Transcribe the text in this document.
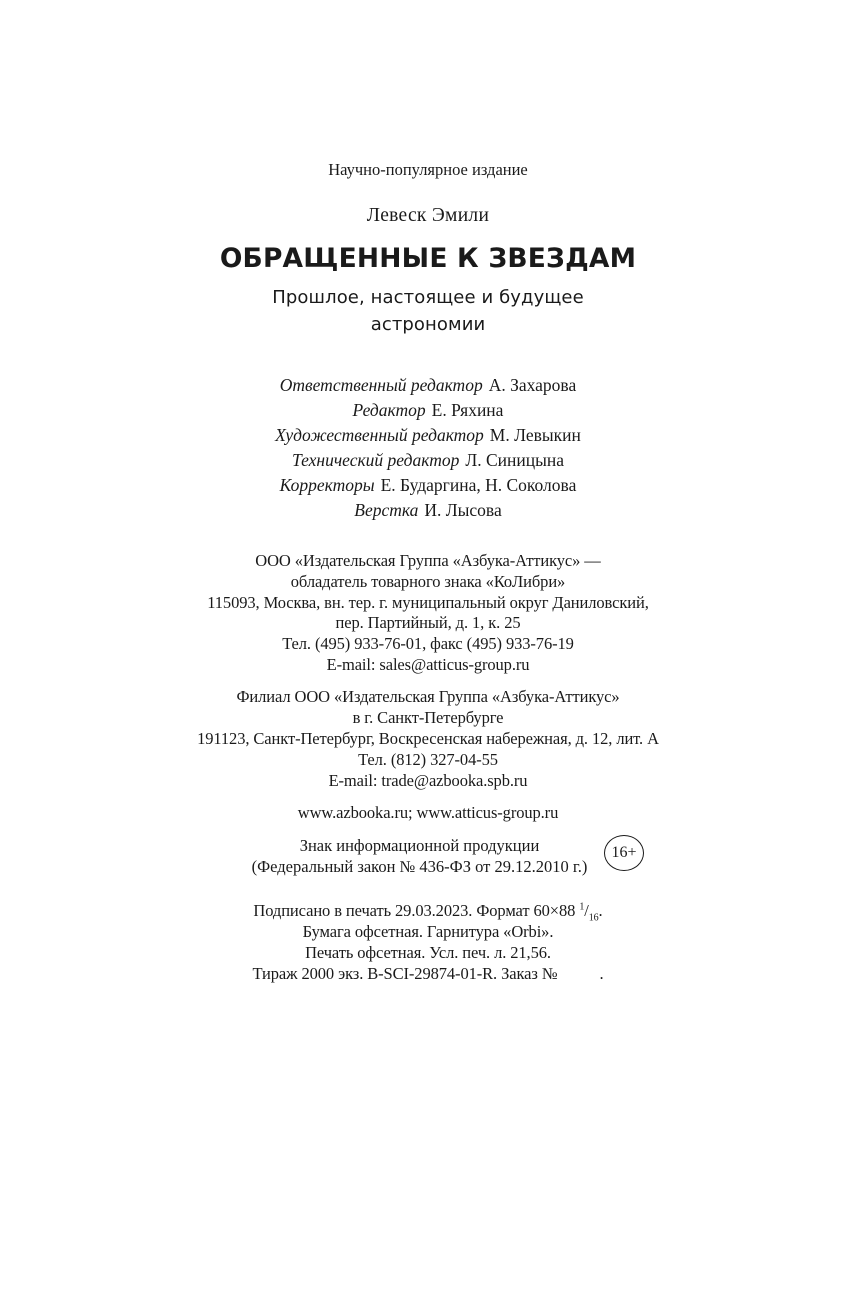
Научно-популярное издание
Левеск Эмили
ОБРАЩЕННЫЕ К ЗВЕЗДАМ
Прошлое, настоящее и будущее
астрономии
Ответственный редактор А. Захарова
Редактор Е. Ряхина
Художественный редактор М. Левыкин
Технический редактор Л. Синицына
Корректоры Е. Бударгина, Н. Соколова
Верстка И. Лысова
ООО «Издательская Группа «Азбука-Аттикус» —
обладатель товарного знака «КоЛибри»
115093, Москва, вн. тер. г. муниципальный округ Даниловский,
пер. Партийный, д. 1, к. 25
Тел. (495) 933-76-01, факс (495) 933-76-19
E-mail: sales@atticus-group.ru
Филиал ООО «Издательская Группа «Азбука-Аттикус»
в г. Санкт-Петербурге
191123, Санкт-Петербург, Воскресенская набережная, д. 12, лит. А
Тел. (812) 327-04-55
E-mail: trade@azbooka.spb.ru
www.azbooka.ru; www.atticus-group.ru
Знак информационной продукции
(Федеральный закон № 436-ФЗ от 29.12.2010 г.)
16+
Подписано в печать 29.03.2023. Формат 60×88 $^1/_{16}$.
Бумага офсетная. Гарнитура «Orbi».
Печать офсетная. Усл. печ. л. 21,56.
Тираж 2000 экз. B-SCI-29874-01-R. Заказ №	.
